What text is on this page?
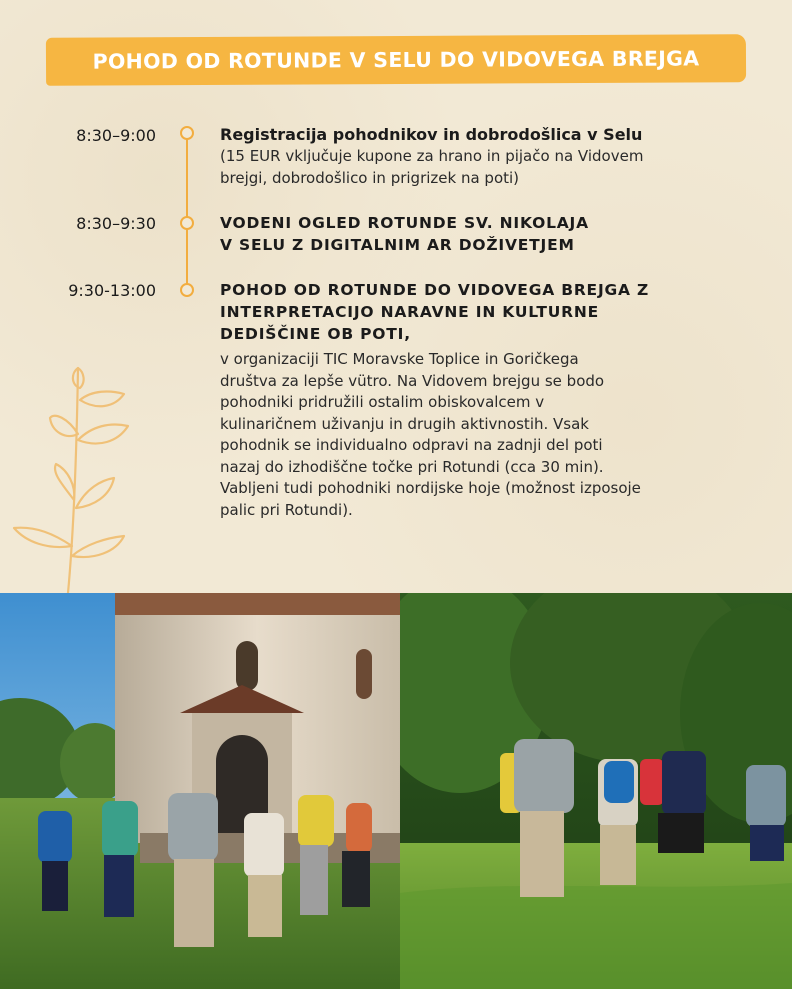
POHOD OD ROTUNDE V SELU DO VIDOVEGA BREJGA
8:30–9:00	Registracija pohodnikov in dobrodošlica v Selu
(15 EUR vključuje kupone za hrano in pijačo na Vidovem
brejgi, dobrodošlico in prigrizek na poti)
8:30–9:30	VODENI OGLED ROTUNDE SV. NIKOLAJA
V SELU Z DIGITALNIM AR DOŽIVETJEM
9:30-13:00	POHOD OD ROTUNDE DO VIDOVEGA BREJGA Z
INTERPRETACIJO NARAVNE IN KULTURNE
DEDIŠČINE OB POTI,
v organizaciji TIC Moravske Toplice in Goričkega
društva za lepše vütro. Na Vidovem brejgu se bodo
pohodniki pridružili ostalim obiskovalcem v
kulinaričnem uživanju in drugih aktivnostih. Vsak
pohodnik se individualno odpravi na zadnji del poti
nazaj do izhodiščne točke pri Rotundi (cca 30 min).
Vabljeni tudi pohodniki nordijske hoje (možnost izposoje
palic pri Rotundi).
